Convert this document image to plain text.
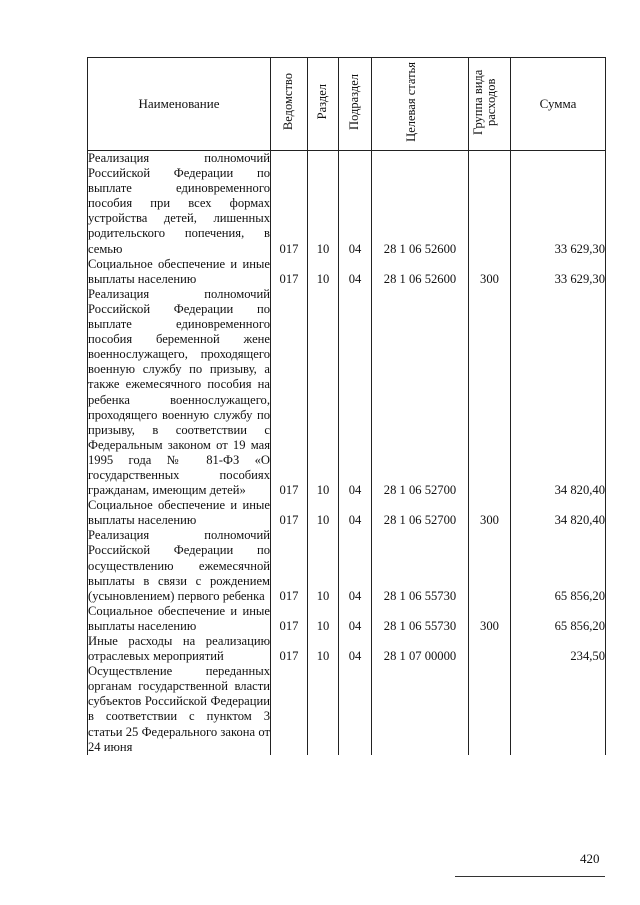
Наименование	Ведомство	Раздел	Подраздел	Целевая статья	Группа вида расходов	Сумма
Реализация полномочий Российской Федерации по выплате единовременного пособия при всех формах устройства детей, лишенных родительского попечения, в семью	017	10	04	28 1 06 52600		33 629,30
Социальное обеспечение и иные выплаты населению	017	10	04	28 1 06 52600	300	33 629,30
Реализация полномочий Российской Федерации по выплате единовременного пособия беременной жене военнослужащего, проходящего военную службу по призыву, а также ежемесячного пособия на ребенка военнослужащего, проходящего военную службу по призыву, в соответствии с Федеральным законом от 19 мая 1995 года № 81-ФЗ «О государственных пособиях гражданам, имеющим детей»	017	10	04	28 1 06 52700		34 820,40
Социальное обеспечение и иные выплаты населению	017	10	04	28 1 06 52700	300	34 820,40
Реализация полномочий Российской Федерации по осуществлению ежемесячной выплаты в связи с рождением (усыновлением) первого ребенка	017	10	04	28 1 06 55730		65 856,20
Социальное обеспечение и иные выплаты населению	017	10	04	28 1 06 55730	300	65 856,20
Иные расходы на реализацию отраслевых мероприятий	017	10	04	28 1 07 00000		234,50
Осуществление переданных органам государственной власти субъектов Российской Федерации в соответствии с пунктом 3 статьи 25 Федерального закона от 24 июня						
420
